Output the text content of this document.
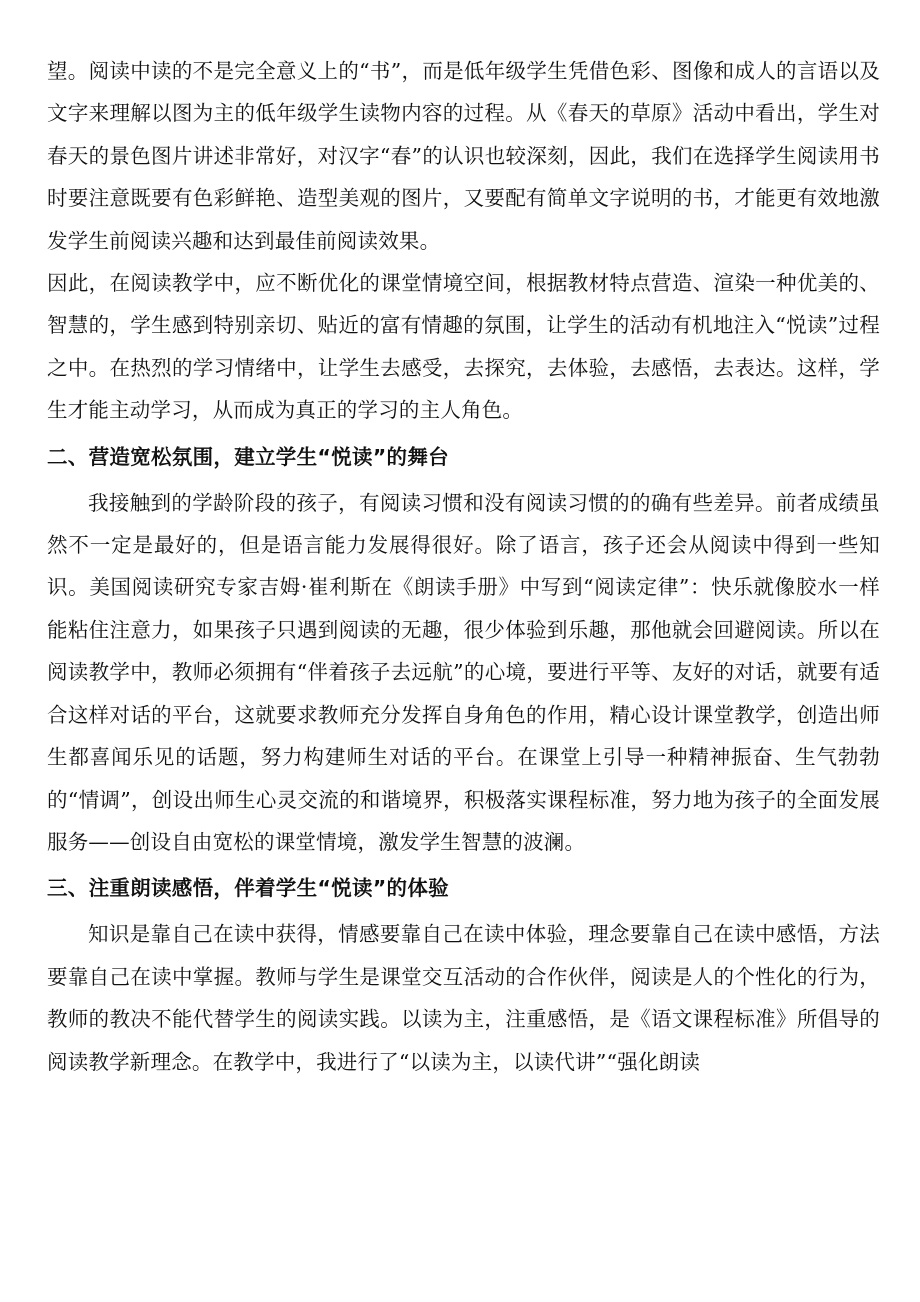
望。阅读中读的不是完全意义上的“书”，而是低年级学生凭借色彩、图像和成人的言语以及文字来理解以图为主的低年级学生读物内容的过程。从《春天的草原》活动中看出，学生对春天的景色图片讲述非常好，对汉字“春”的认识也较深刻，因此，我们在选择学生阅读用书时要注意既要有色彩鲜艳、造型美观的图片，又要配有简单文字说明的书，才能更有效地激发学生前阅读兴趣和达到最佳前阅读效果。

因此，在阅读教学中，应不断优化的课堂情境空间，根据教材特点营造、渲染一种优美的、智慧的，学生感到特别亲切、贴近的富有情趣的氛围，让学生的活动有机地注入“悦读”过程之中。在热烈的学习情绪中，让学生去感受，去探究，去体验，去感悟，去表达。这样，学生才能主动学习，从而成为真正的学习的主人角色。

二、营造宽松氛围，建立学生“悦读”的舞台

我接触到的学龄阶段的孩子，有阅读习惯和没有阅读习惯的的确有些差异。前者成绩虽然不一定是最好的，但是语言能力发展得很好。除了语言，孩子还会从阅读中得到一些知识。美国阅读研究专家吉姆·崔利斯在《朗读手册》中写到“阅读定律”：快乐就像胶水一样能粘住注意力，如果孩子只遇到阅读的无趣，很少体验到乐趣，那他就会回避阅读。所以在阅读教学中，教师必须拥有“伴着孩子去远航”的心境，要进行平等、友好的对话，就要有适合这样对话的平台，这就要求教师充分发挥自身角色的作用，精心设计课堂教学，创造出师生都喜闻乐见的话题，努力构建师生对话的平台。在课堂上引导一种精神振奋、生气勃勃的“情调”，创设出师生心灵交流的和谐境界，积极落实课程标准，努力地为孩子的全面发展服务——创设自由宽松的课堂情境，激发学生智慧的波澜。

三、注重朗读感悟，伴着学生“悦读”的体验

知识是靠自己在读中获得，情感要靠自己在读中体验，理念要靠自己在读中感悟，方法要靠自己在读中掌握。教师与学生是课堂交互活动的合作伙伴，阅读是人的个性化的行为，教师的教决不能代替学生的阅读实践。以读为主，注重感悟，是《语文课程标准》所倡导的阅读教学新理念。在教学中，我进行了“以读为主，以读代讲”“强化朗读
